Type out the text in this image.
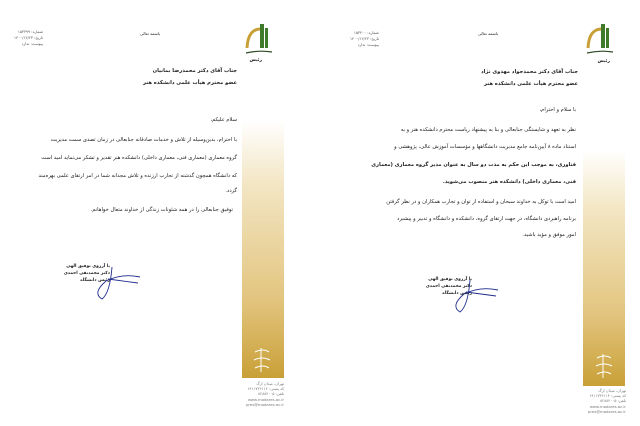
رئیس
باسمه تعالی
شماره: ۱۵۳۳۹۹
تاریخ: ۱۴۰۰/۱۲/۲۳
پیوست: ندارد
جناب آقای دکتر محمدرضا بمانیان
عضو محترم هیأت علمی دانشکده هنر
سلام علیکم،
با احترام، بدین‌وسیله از تلاش و خدمات صادقانه جنابعالی در زمان تصدی سمت مدیریت
گروه معماری (معماری فنی، معماری داخلی) دانشکده هنر تقدیر و تشکر می‌نماید امید است
که دانشگاه همچون گذشته از تجارب ارزنده و تلاش مجدانه شما در امر ارتقای علمی بهره‌مند
گردد.
توفیق جنابعالی را در همه شئونات زندگی از خداوند متعال خواهانم.
با آرزوی توفیق الهی
دکتر محمدتقی احمدی
رئیس دانشگاه
تهران، میدان ارگ
کد پستی: ۱۹۱۱۷۳۶۱۱۴
تلفن: ۸۲۸۸۴۰۰۵
www.modares.ac.ir
pres@modares.ac.ir
رئیس
باسمه تعالی
شماره: ۱۵۳۴۰۰
تاریخ: ۱۴۰۰/۱۲/۲۳
پیوست: ندارد
جناب آقای دکتر محمدجواد مهدوی نژاد
عضو محترم هیأت علمی دانشکده هنر
با سلام و احترام،
نظر به تعهد و شایستگی جنابعالی و بنا به پیشنهاد ریاست محترم دانشکده هنر و به
استناد ماده ۸ آیین‌نامه جامع مدیریت دانشگاهها و مؤسسات آموزش عالی، پژوهشی و
فناوری، به موجب این حکم به مدت دو سال به عنوان مدیر گروه معماری (معماری
فنی، معماری داخلی) دانشکده هنر منصوب می‌شوید.
امید است با توکل به خداوند سبحان و استفاده از توان و تجارب همکاران و در نظر گرفتن
برنامه راهبردی دانشگاه، در جهت ارتقای گروه، دانشکده و دانشگاه و تدبیر و پیشبرد
امور موفق و مؤید باشید.
با آرزوی توفیق الهی
دکتر محمدتقی احمدی
رئیس دانشگاه
تهران، میدان ارگ
کد پستی: ۱۹۱۱۷۳۶۱۱۴
تلفن: ۸۲۸۸۴۰۰۵
www.modares.ac.ir
pres@modares.ac.ir
